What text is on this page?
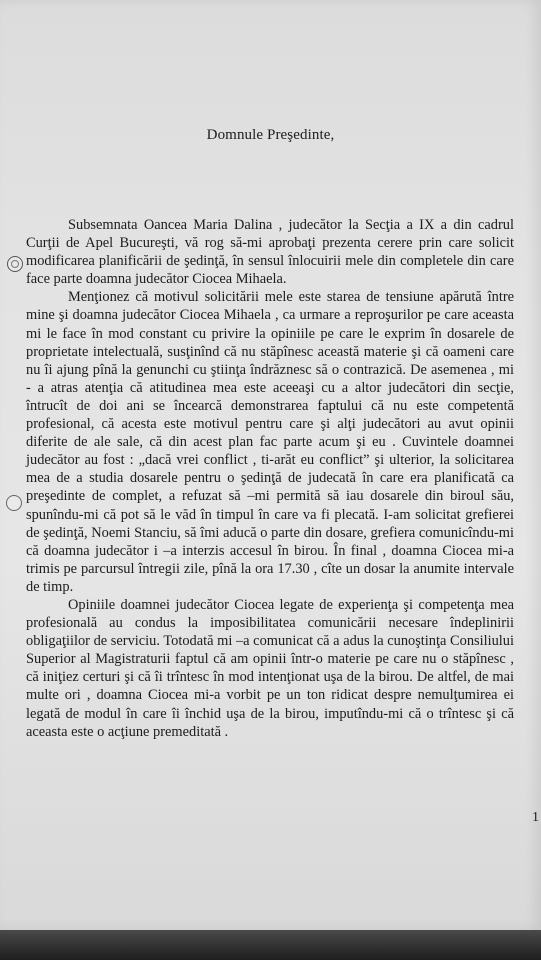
Domnule Preşedinte,

Subsemnata Oancea Maria Dalina , judecător la Secţia a IX a din cadrul Curţii de Apel Bucureşti, vă rog să-mi aprobaţi prezenta cerere prin care solicit modificarea planificării de şedinţă, în sensul înlocuirii mele din completele din care face parte doamna judecător Ciocea Mihaela.

Menţionez că motivul solicitării mele este starea de tensiune apărută între mine şi doamna judecător Ciocea Mihaela , ca urmare a reproşurilor pe care aceasta mi le face în mod constant cu privire la opiniile pe care le exprim în dosarele de proprietate intelectuală, susţinînd că nu stăpînesc această materie şi că oameni care nu îi ajung pînă la genunchi cu ştiinţa îndrăznesc să o contrazică. De asemenea , mi - a atras atenţia că atitudinea mea este aceeaşi cu a altor judecători din secţie, întrucît de doi ani se încearcă demonstrarea faptului că nu este competentă profesional, că acesta este motivul pentru care şi alţi judecători au avut opinii diferite de ale sale, că din acest plan fac parte acum şi eu . Cuvintele doamnei judecător au fost : „dacă vrei conflict , ti-arăt eu conflict” şi ulterior, la solicitarea mea de a studia dosarele pentru o şedinţă de judecată în care era planificată ca preşedinte de complet, a refuzat să –mi permită să iau dosarele din biroul său, spunîndu-mi că pot să le văd în timpul în care va fi plecată. I-am solicitat grefierei de şedinţă, Noemi Stanciu, să îmi aducă o parte din dosare, grefiera comunicîndu-mi că doamna judecător i –a interzis accesul în birou. În final , doamna Ciocea mi-a trimis pe parcursul întregii zile, pînă la ora 17.30 , cîte un dosar la anumite intervale de timp.

Opiniile doamnei judecător Ciocea legate de experienţa şi competenţa mea profesională au condus la imposibilitatea comunicării necesare îndeplinirii obligaţiilor de serviciu. Totodată mi –a comunicat că a adus la cunoştinţa Consiliului Superior al Magistraturii faptul că am opinii într-o materie pe care nu o stăpînesc , că iniţiez certuri şi că îi trîntesc în mod intenţionat uşa de la birou. De altfel, de mai multe ori , doamna Ciocea mi-a vorbit pe un ton ridicat despre nemulţumirea ei legată de modul în care îi închid uşa de la birou, imputîndu-mi că o trîntesc şi că aceasta este o acţiune premeditată .

1
